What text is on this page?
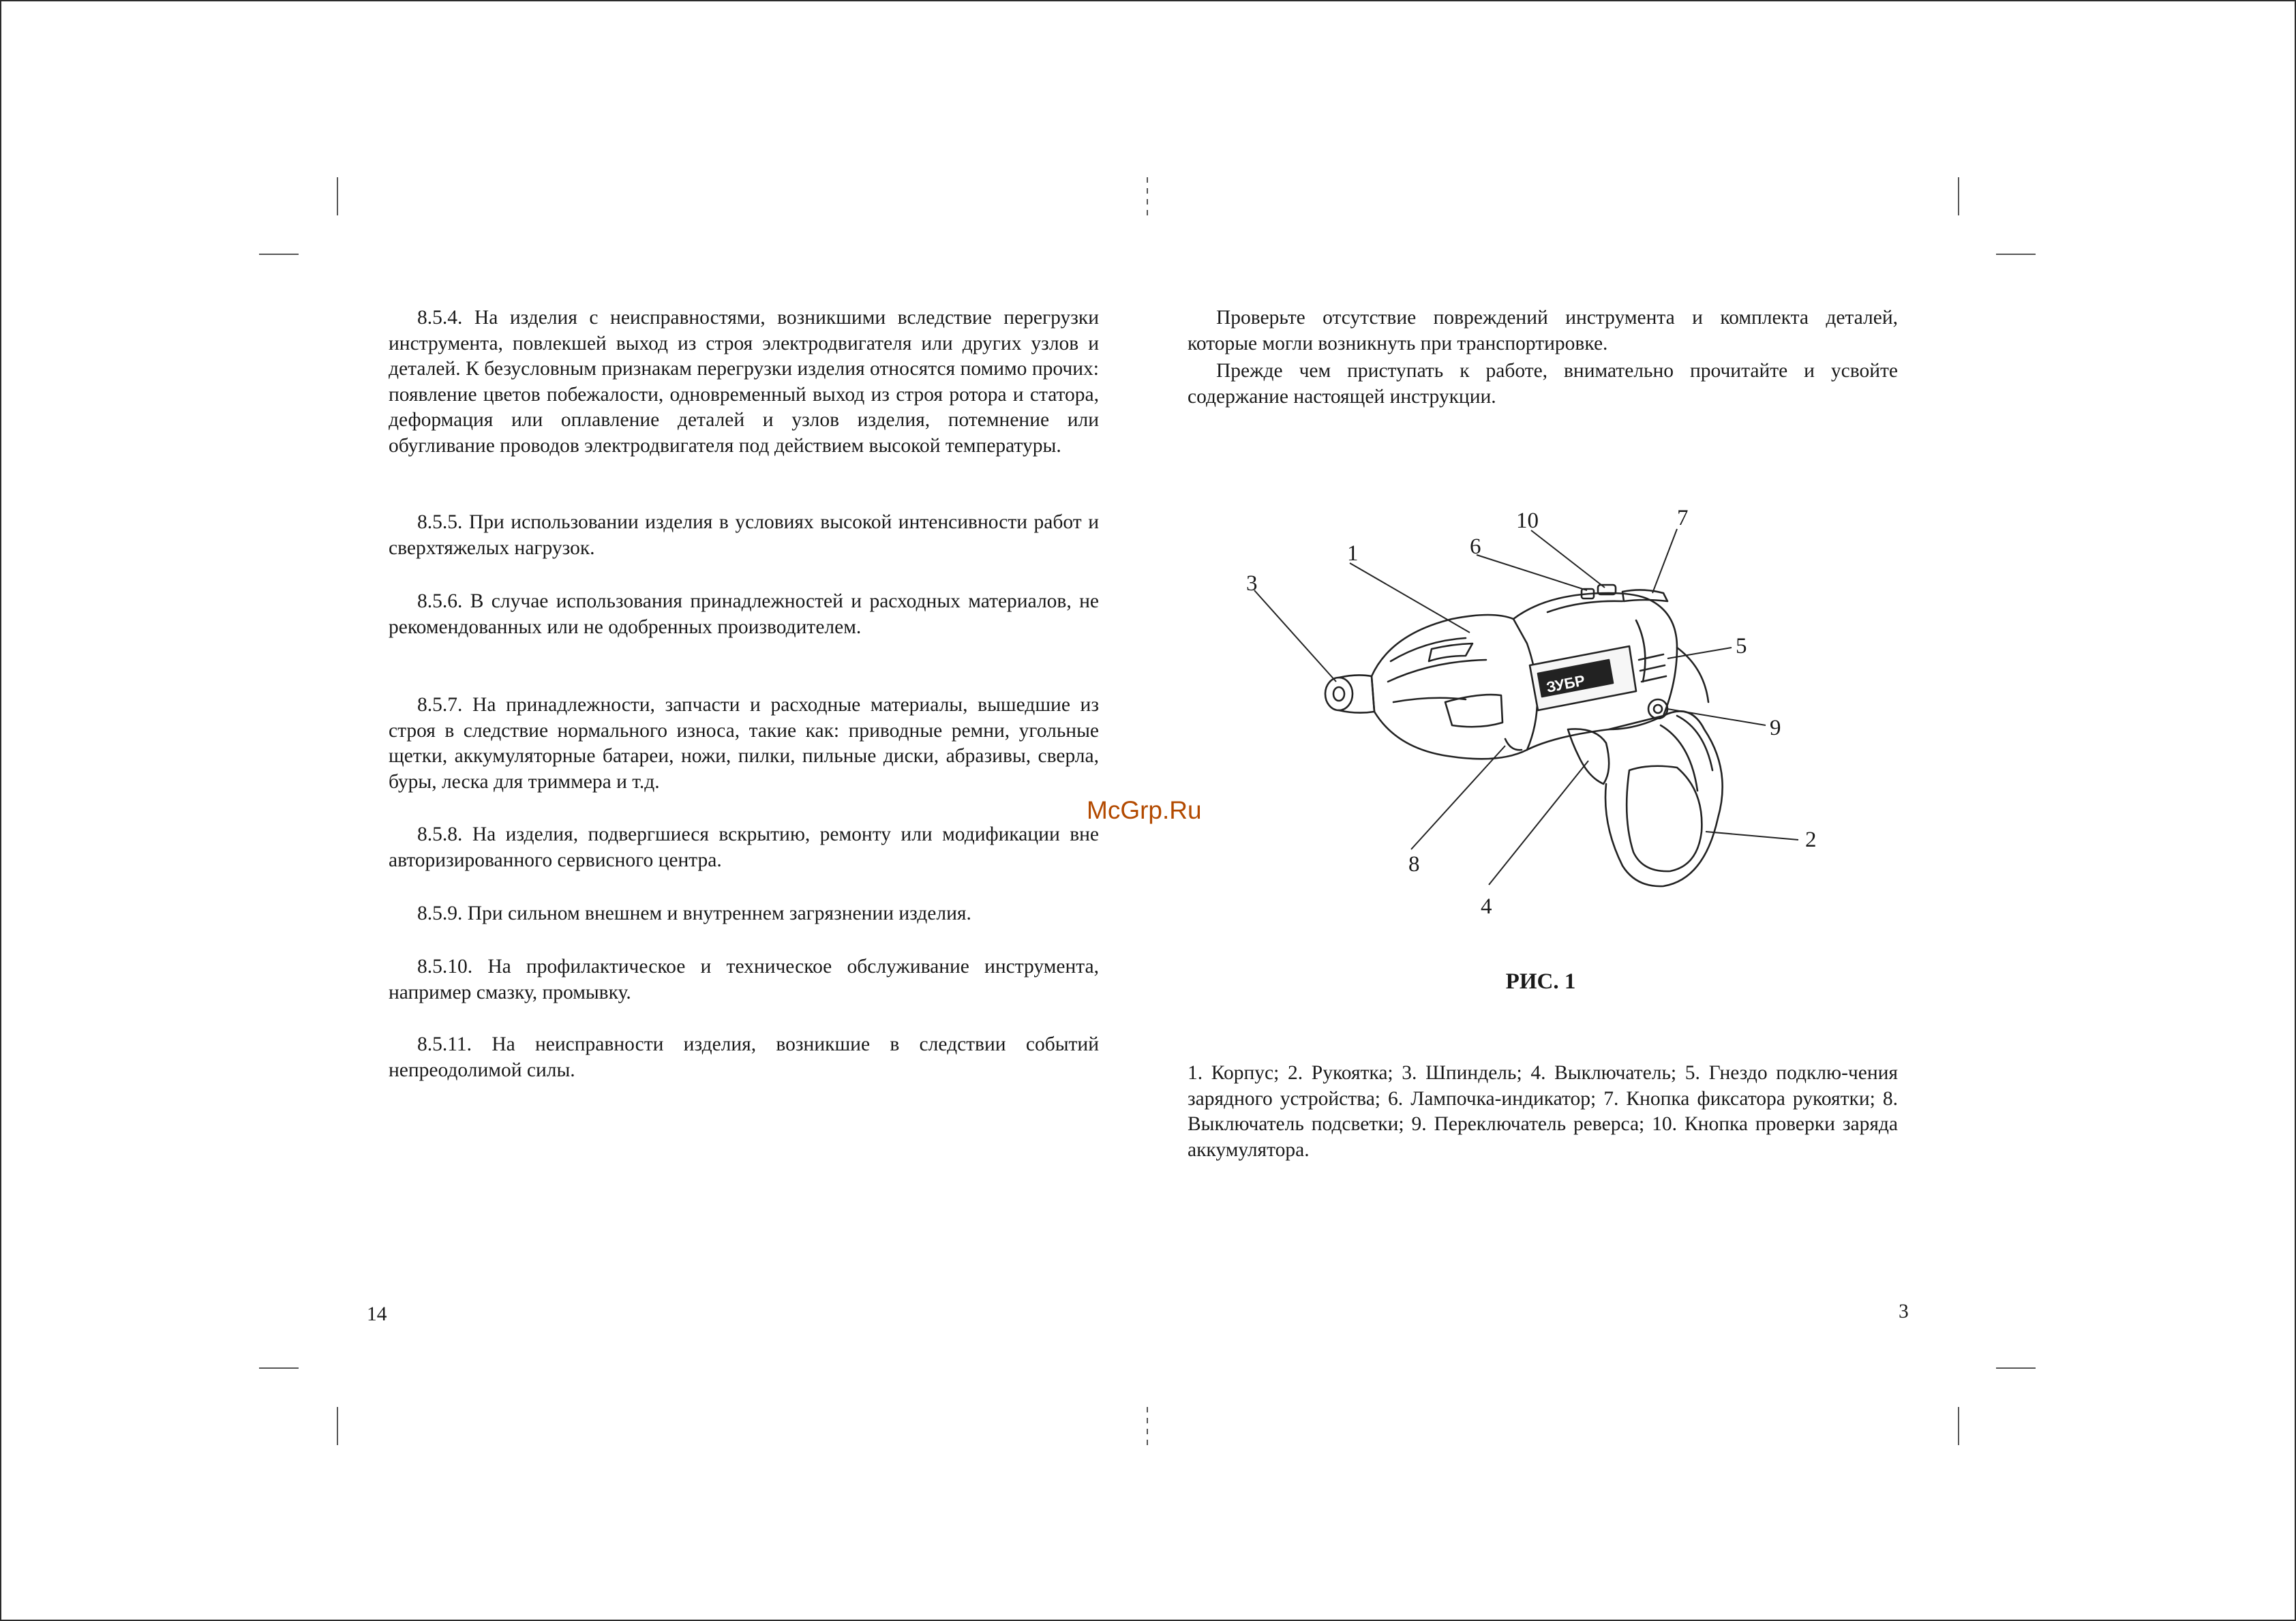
8.5.4. На изделия с неисправностями, возникшими вследствие перегрузки инструмента, повлекшей выход из строя электродвигателя или других узлов и деталей. К безусловным признакам перегрузки изделия относятся помимо прочих: появление цветов побежалости, одновременный выход из строя ротора и статора, деформация или оплавление деталей и узлов изделия, потемнение или обугливание проводов электродвигателя под действием высокой температуры.

8.5.5. При использовании изделия в условиях высокой интенсивности работ и сверхтяжелых нагрузок.

8.5.6. В случае использования принадлежностей и расходных материалов, не рекомендованных или не одобренных производителем.

8.5.7. На принадлежности, запчасти и расходные материалы, вышедшие из строя в следствие нормального износа, такие как: приводные ремни, угольные щетки, аккумуляторные батареи, ножи, пилки, пильные диски, абразивы, сверла, буры, леска для триммера и т.д.

8.5.8. На изделия, подвергшиеся вскрытию, ремонту или модификации вне авторизированного сервисного центра.

8.5.9. При сильном внешнем и внутреннем загрязнении изделия.

8.5.10. На профилактическое и техническое обслуживание инструмента, например смазку, промывку.

8.5.11. На неисправности изделия, возникшие в следствии событий непреодолимой силы.

14

Проверьте отсутствие повреждений инструмента и комплекта деталей, которые могли возникнуть при транспортировке.

Прежде чем приступать к работе, внимательно прочитайте и усвойте содержание настоящей инструкции.

ЗУБР
1
2
3
4
5
6
7
8
9
10
РИС. 1

1. Корпус; 2. Рукоятка; 3. Шпиндель; 4. Выключатель; 5. Гнездо подклю-чения зарядного устройства; 6. Лампочка-индикатор; 7. Кнопка фиксатора рукоятки; 8. Выключатель подсветки; 9. Переключатель реверса; 10. Кнопка проверки заряда аккумулятора.

3
McGrp.Ru
